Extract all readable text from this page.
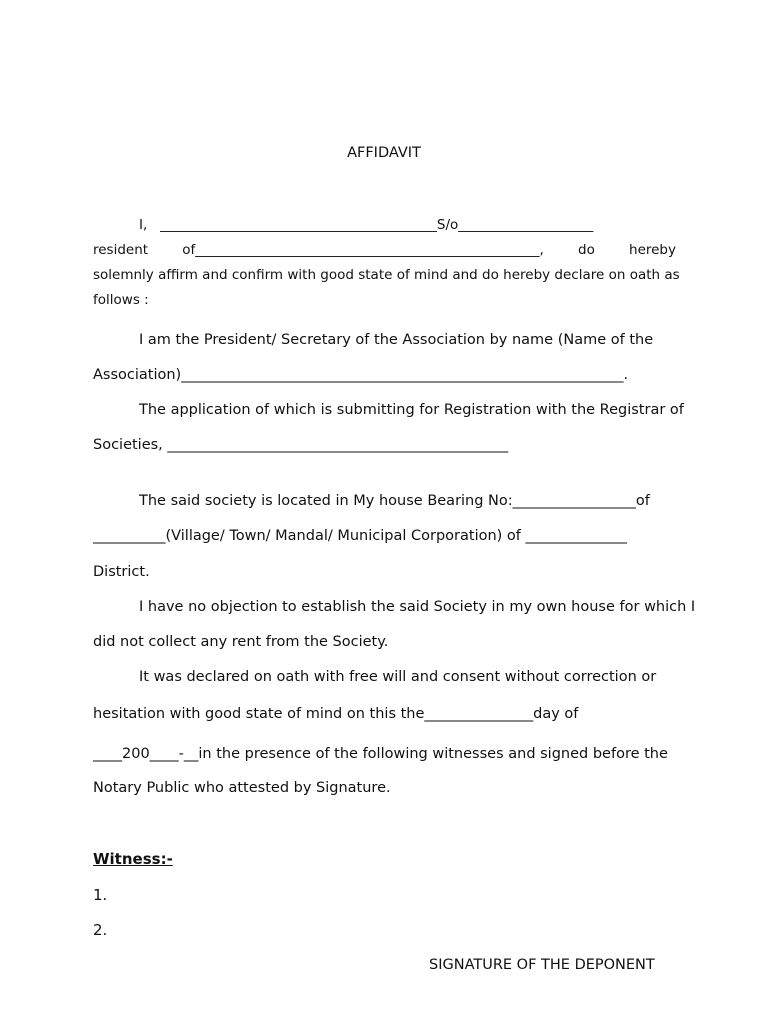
AFFIDAVIT
I,   _________________________________________S/o____________________
resident of___________________________________________________, do hereby
solemnly affirm and confirm with good state of mind and do hereby declare on oath as
follows :
I am the President/ Secretary of the Association by name (Name of the
Association)_____________________________________________________________.
The application of which is submitting for Registration with the Registrar of
Societies, _______________________________________________
The said society is located in My house Bearing No:_________________of
__________(Village/ Town/ Mandal/ Municipal Corporation) of ______________
District.
I have no objection to establish the said Society in my own house for which I
did not collect any rent from the Society.
It was declared on oath with free will and consent without correction or
hesitation with good state of mind on this the_______________day of
____200____-__in the presence of the following witnesses and signed before the
Notary Public who attested by Signature.
Witness:-
1.
2.
SIGNATURE OF THE DEPONENT
